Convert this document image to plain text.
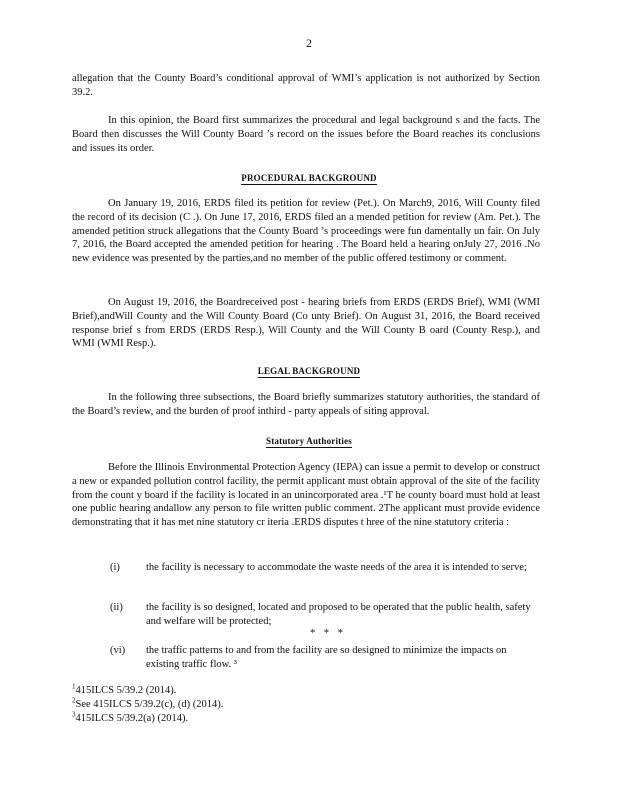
2

allegation that the County Board’s conditional approval of WMI’s application is not authorized by Section 39.2.

In this opinion, the Board first summarizes the procedural and legal background s and the facts. The Board then discusses the Will County Board ’s record on the issues before the Board reaches its conclusions and issues its order.

PROCEDURAL BACKGROUND

On January 19, 2016, ERDS filed its petition for review (Pet.). On March9, 2016, Will County filed the record of its decision (C .). On June 17, 2016, ERDS filed an a mended petition for review (Am. Pet.). The amended petition struck allegations that the County Board ’s proceedings were fun damentally un fair. On July 7, 2016, the Board accepted the amended petition for hearing . The Board held a hearing onJuly 27, 2016 .No new evidence was presented by the parties,and no member of the public offered testimony or comment.

On August 19, 2016, the Boardreceived post - hearing briefs from ERDS (ERDS Brief), WMI (WMI Brief),andWill County and the Will County Board (Co unty Brief). On August 31, 2016, the Board received response brief s from ERDS (ERDS Resp.), Will County and the Will County B oard (County Resp.), and WMI (WMI Resp.).

LEGAL BACKGROUND

In the following three subsections, the Board briefly summarizes statutory authorities, the standard of the Board’s review, and the burden of proof inthird - party appeals of siting approval.

Statutory Authorities

Before the Illinois Environmental Protection Agency (IEPA) can issue a permit to develop or construct a new or expanded pollution control facility, the permit applicant must obtain approval of the site of the facility from the count y board if the facility is located in an unincorporated area .¹T he county board must hold at least one public hearing andallow any person to file written public comment. 2The applicant must provide evidence demonstrating that it has met nine statutory cr iteria .ERDS disputes t hree of the nine statutory criteria :

(i)	the facility is necessary to accommodate the waste needs of the area it is intended to serve;
(ii)	the facility is so designed, located and proposed to be operated that the public health, safety and welfare will be protected;
* * *
(vi)	the traffic patterns to and from the facility are so designed to minimize the impacts on existing traffic flow. ³
$^1$415ILCS 5/39.2 (2014).
$^2$See 415ILCS 5/39.2(c), (d) (2014).
$^3$415ILCS 5/39.2(a) (2014).
